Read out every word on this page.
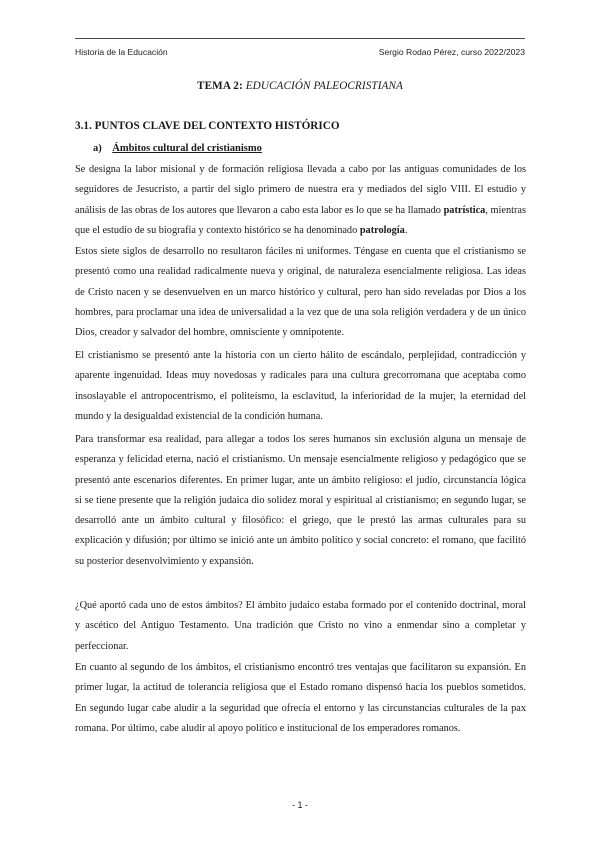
Historia de la Educación	Sergio Rodao Pérez, curso 2022/2023
TEMA 2: EDUCACIÓN PALEOCRISTIANA
3.1. PUNTOS CLAVE DEL CONTEXTO HISTÓRICO
a) Ámbitos cultural del cristianismo

Se designa la labor misional y de formación religiosa llevada a cabo por las antiguas comunidades de los seguidores de Jesucristo, a partir del siglo primero de nuestra era y mediados del siglo VIII. El estudio y análisis de las obras de los autores que llevaron a cabo esta labor es lo que se ha llamado patrística, mientras que el estudio de su biografía y contexto histórico se ha denominado patrología.

Estos siete siglos de desarrollo no resultaron fáciles ni uniformes. Téngase en cuenta que el cristianismo se presentó como una realidad radicalmente nueva y original, de naturaleza esencialmente religiosa. Las ideas de Cristo nacen y se desenvuelven en un marco histórico y cultural, pero han sido reveladas por Dios a los hombres, para proclamar una idea de universalidad a la vez que de una sola religión verdadera y de un único Dios, creador y salvador del hombre, omnisciente y omnipotente.

El cristianismo se presentó ante la historia con un cierto hálito de escándalo, perplejidad, contradicción y aparente ingenuidad. Ideas muy novedosas y radicales para una cultura grecorromana que aceptaba como insoslayable el antropocentrismo, el politeísmo, la esclavitud, la inferioridad de la mujer, la eternidad del mundo y la desigualdad existencial de la condición humana.

Para transformar esa realidad, para allegar a todos los seres humanos sin exclusión alguna un mensaje de esperanza y felicidad eterna, nació el cristianismo. Un mensaje esencialmente religioso y pedagógico que se presentó ante escenarios diferentes. En primer lugar, ante un ámbito religioso: el judío, circunstancia lógica si se tiene presente que la religión judaica dio solidez moral y espiritual al cristianismo; en segundo lugar, se desarrolló ante un ámbito cultural y filosófico: el griego, que le prestó las armas culturales para su explicación y difusión; por último se inició ante un ámbito político y social concreto: el romano, que facilitó su posterior desenvolvimiento y expansión.

¿Qué aportó cada uno de estos ámbitos? El ámbito judaico estaba formado por el contenido doctrinal, moral y ascético del Antiguo Testamento. Una tradición que Cristo no vino a enmendar sino a completar y perfeccionar.

En cuanto al segundo de los ámbitos, el cristianismo encontró tres ventajas que facilitaron su expansión. En primer lugar, la actitud de tolerancia religiosa que el Estado romano dispensó hacia los pueblos sometidos. En segundo lugar cabe aludir a la seguridad que ofrecía el entorno y las circunstancias culturales de la pax romana. Por último, cabe aludir al apoyo político e institucional de los emperadores romanos.

- 1 -
